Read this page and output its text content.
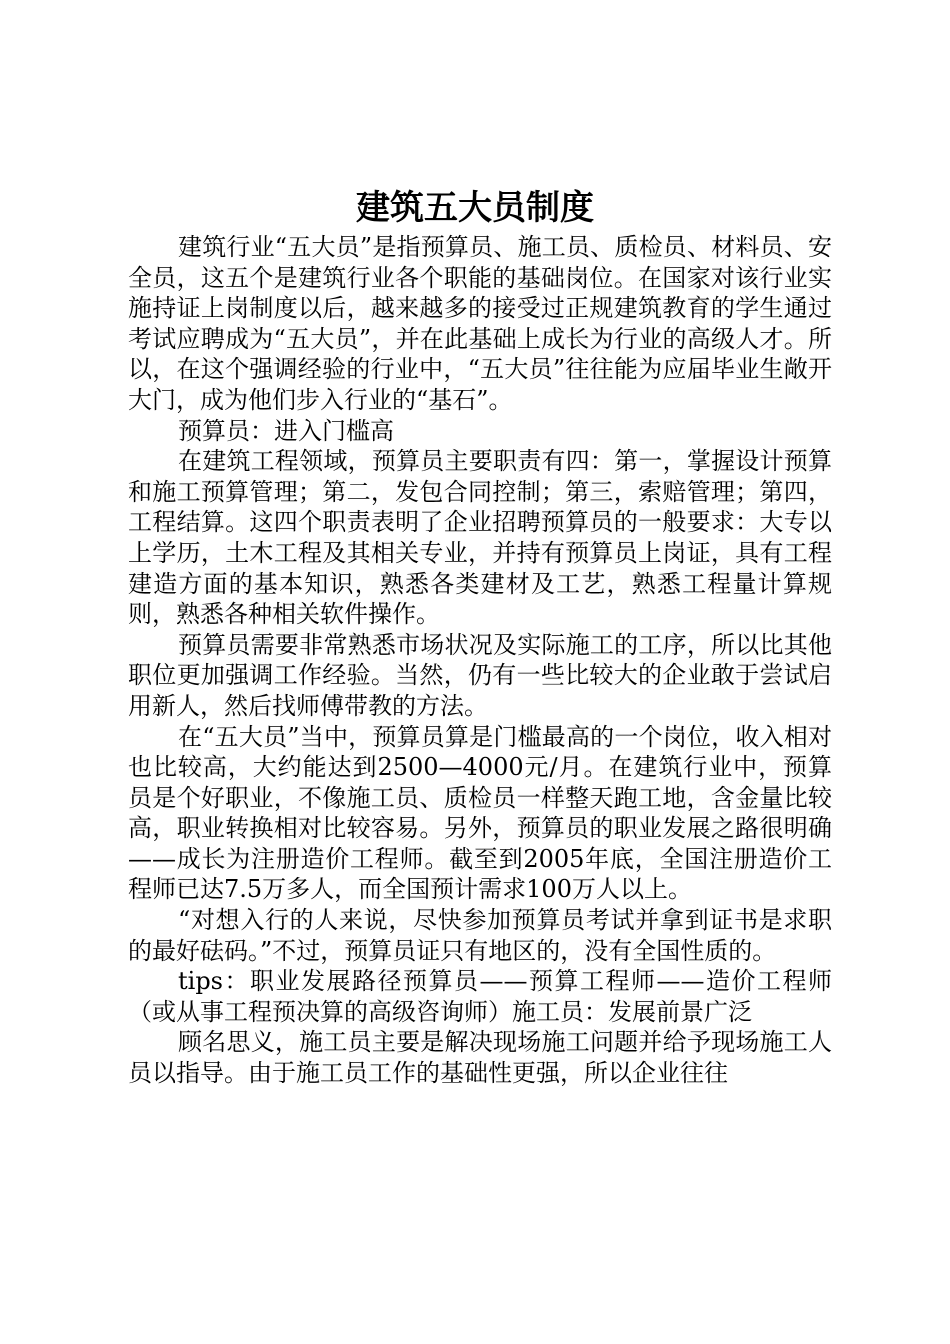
建筑五大员制度

建筑行业“五大员”是指预算员、施工员、质检员、材料员、安全员，这五个是建筑行业各个职能的基础岗位。在国家对该行业实施持证上岗制度以后，越来越多的接受过正规建筑教育的学生通过考试应聘成为“五大员”，并在此基础上成长为行业的高级人才。所以，在这个强调经验的行业中，“五大员”往往能为应届毕业生敞开大门，成为他们步入行业的“基石”。

预算员：进入门槛高

在建筑工程领域，预算员主要职责有四：第一，掌握设计预算和施工预算管理；第二，发包合同控制；第三，索赔管理；第四，工程结算。这四个职责表明了企业招聘预算员的一般要求：大专以上学历，土木工程及其相关专业，并持有预算员上岗证，具有工程建造方面的基本知识，熟悉各类建材及工艺，熟悉工程量计算规则，熟悉各种相关软件操作。

预算员需要非常熟悉市场状况及实际施工的工序，所以比其他职位更加强调工作经验。当然，仍有一些比较大的企业敢于尝试启用新人，然后找师傅带教的方法。

在“五大员”当中，预算员算是门槛最高的一个岗位，收入相对也比较高，大约能达到2500—4000元/月。在建筑行业中，预算员是个好职业，不像施工员、质检员一样整天跑工地，含金量比较高，职业转换相对比较容易。另外，预算员的职业发展之路很明确——成长为注册造价工程师。截至到2005年底，全国注册造价工程师已达7.5万多人，而全国预计需求100万人以上。

“对想入行的人来说，尽快参加预算员考试并拿到证书是求职的最好砝码。”不过，预算员证只有地区的，没有全国性质的。

tips：职业发展路径预算员——预算工程师——造价工程师（或从事工程预决算的高级咨询师）施工员：发展前景广泛

顾名思义，施工员主要是解决现场施工问题并给予现场施工人员以指导。由于施工员工作的基础性更强，所以企业往往
